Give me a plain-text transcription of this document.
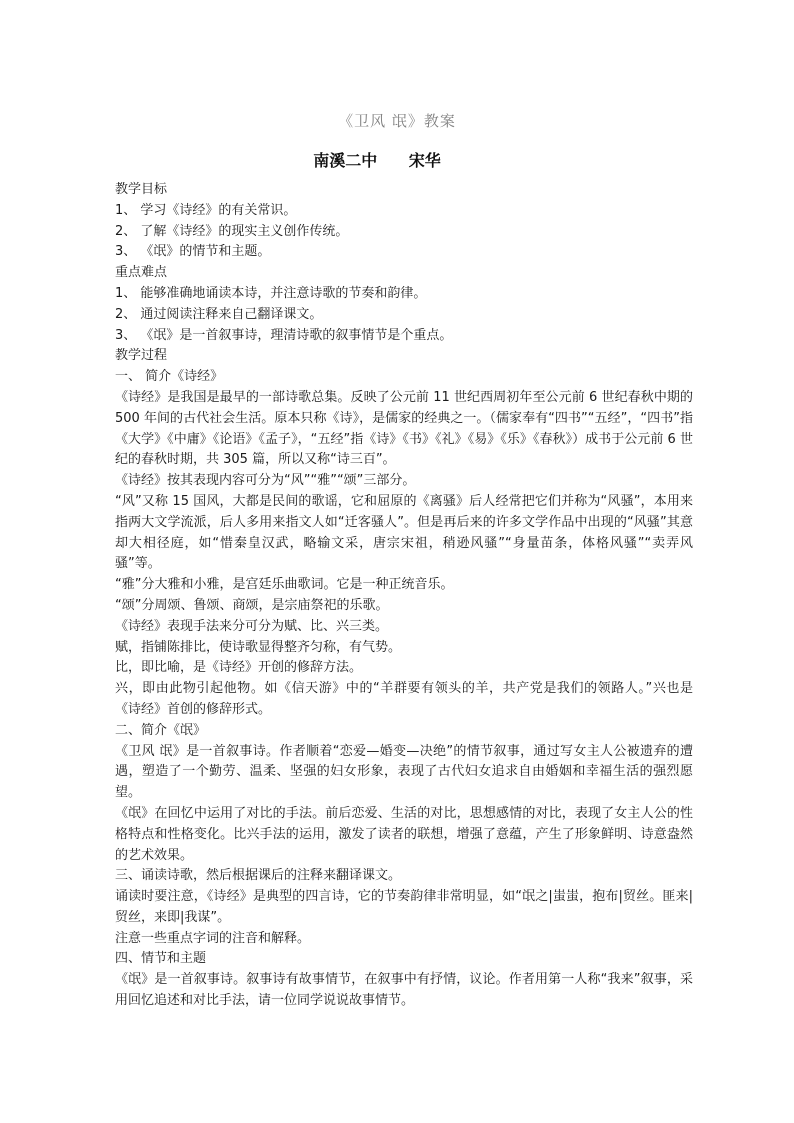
《卫风 氓》教案
南溪二中 宋华

教学目标

1、 学习《诗经》的有关常识。

2、 了解《诗经》的现实主义创作传统。

3、 《氓》的情节和主题。

重点难点

1、 能够准确地诵读本诗，并注意诗歌的节奏和韵律。

2、 通过阅读注释来自己翻译课文。

3、 《氓》是一首叙事诗，理清诗歌的叙事情节是个重点。

教学过程

一、 简介《诗经》

《诗经》是我国是最早的一部诗歌总集。反映了公元前 11 世纪西周初年至公元前 6 世纪春秋中期的 500 年间的古代社会生活。原本只称《诗》，是儒家的经典之一。（儒家奉有“四书”“五经”，“四书”指《大学》《中庸》《论语》《孟子》，“五经”指《诗》《书》《礼》《易》《乐》《春秋》）成书于公元前 6 世纪的春秋时期，共 305 篇，所以又称“诗三百”。

《诗经》按其表现内容可分为“风”“雅”“颂”三部分。

“风”又称 15 国风，大都是民间的歌谣，它和屈原的《离骚》后人经常把它们并称为“风骚”，本用来指两大文学流派，后人多用来指文人如“迁客骚人”。但是再后来的许多文学作品中出现的“风骚”其意却大相径庭，如“惜秦皇汉武，略输文采，唐宗宋祖，稍逊风骚”“身量苗条，体格风骚”“卖弄风骚”等。

“雅”分大雅和小雅，是宫廷乐曲歌词。它是一种正统音乐。

“颂”分周颂、鲁颂、商颂，是宗庙祭祀的乐歌。

《诗经》表现手法来分可分为赋、比、兴三类。

赋，指铺陈排比，使诗歌显得整齐匀称，有气势。

比，即比喻，是《诗经》开创的修辞方法。

兴，即由此物引起他物。如《信天游》中的“羊群要有领头的羊，共产党是我们的领路人。”兴也是《诗经》首创的修辞形式。

二、简介《氓》

《卫风 氓》是一首叙事诗。作者顺着“恋爱—婚变—决绝”的情节叙事，通过写女主人公被遗弃的遭遇，塑造了一个勤劳、温柔、坚强的妇女形象，表现了古代妇女追求自由婚姻和幸福生活的强烈愿望。

《氓》在回忆中运用了对比的手法。前后恋爱、生活的对比，思想感情的对比，表现了女主人公的性格特点和性格变化。比兴手法的运用，激发了读者的联想，增强了意蕴，产生了形象鲜明、诗意盎然的艺术效果。

三、诵读诗歌，然后根据课后的注释来翻译课文。

诵读时要注意，《诗经》是典型的四言诗，它的节奏韵律非常明显，如“氓之|蚩蚩，抱布|贸丝。匪来|贸丝，来即|我谋”。

注意一些重点字词的注音和解释。

四、情节和主题

《氓》是一首叙事诗。叙事诗有故事情节，在叙事中有抒情，议论。作者用第一人称“我来”叙事，采用回忆追述和对比手法，请一位同学说说故事情节。
